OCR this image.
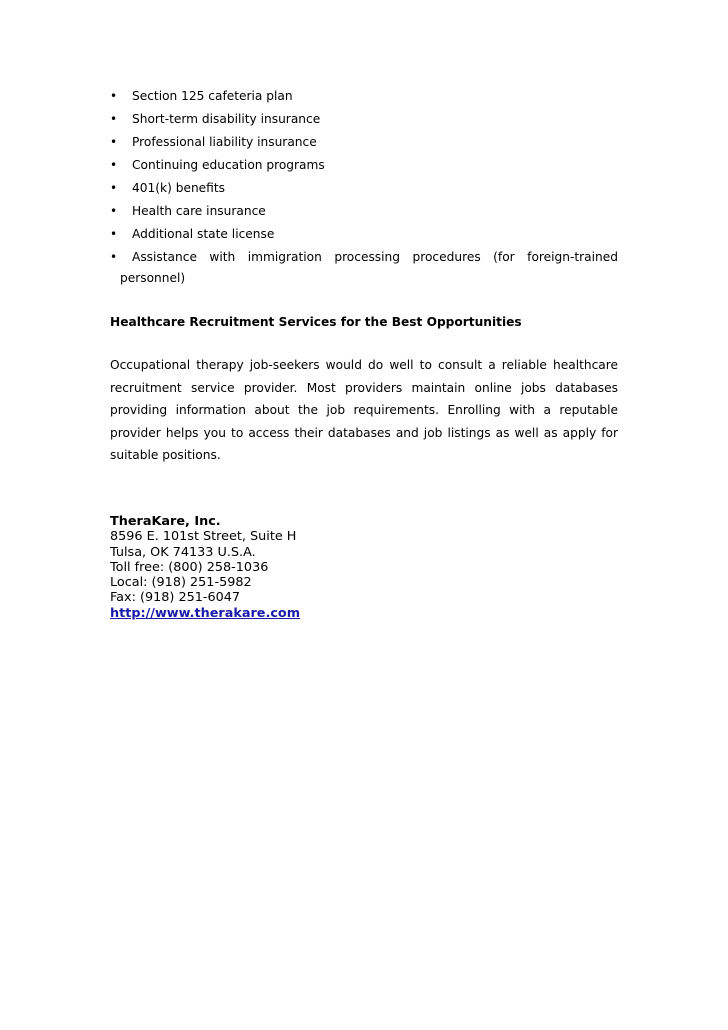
• Section 125 cafeteria plan
• Short-term disability insurance
• Professional liability insurance
• Continuing education programs
• 401(k) benefits
• Health care insurance
• Additional state license
• Assistance with immigration processing procedures (for foreign-trained
personnel)
Healthcare Recruitment Services for the Best Opportunities

Occupational therapy job-seekers would do well to consult a reliable healthcare recruitment service provider. Most providers maintain online jobs databases providing information about the job requirements. Enrolling with a reputable provider helps you to access their databases and job listings as well as apply for suitable positions.

TheraKare, Inc.
8596 E. 101st Street, Suite H
Tulsa, OK 74133 U.S.A.
Toll free: (800) 258-1036
Local: (918) 251-5982
Fax: (918) 251-6047
http://www.therakare.com
